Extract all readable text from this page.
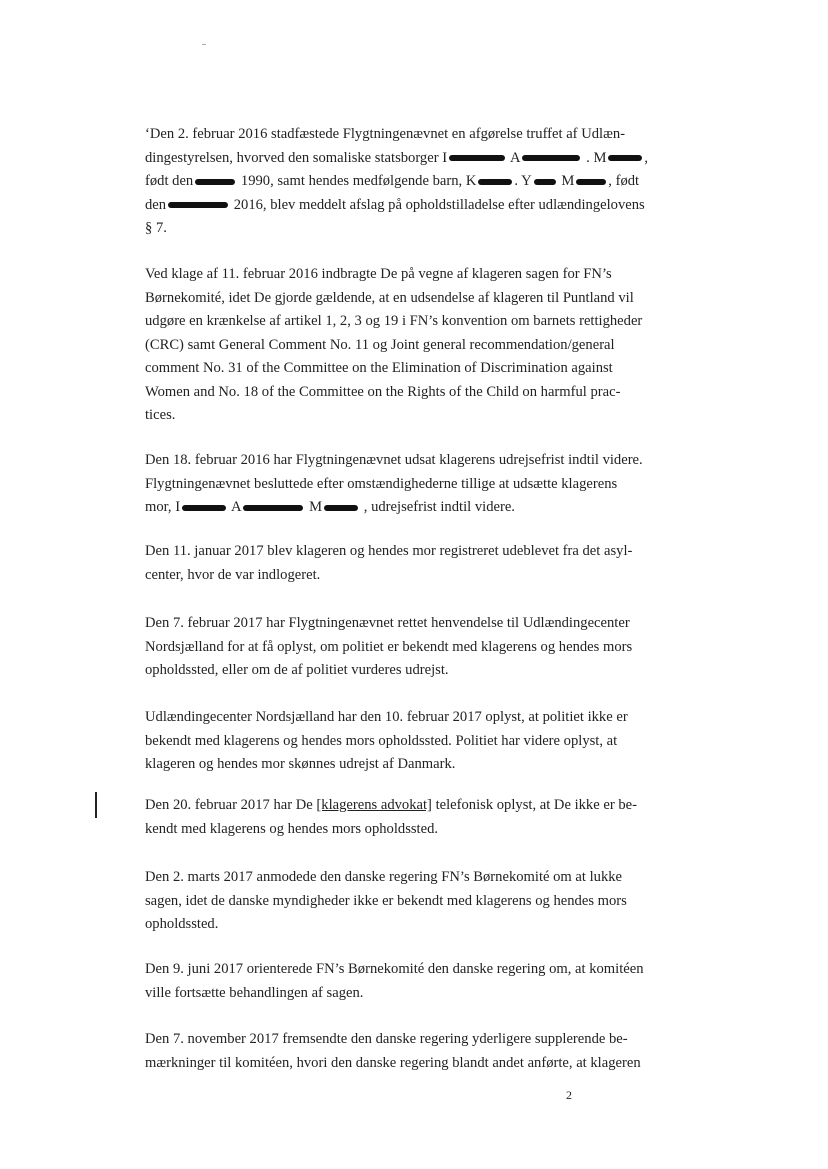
‘Den 2. februar 2016 stadfæstede Flygtningenævnet en afgørelse truffet af Udlæn-
dingestyrelsen, hvorved den somaliske statsborger I	A	. M	,
født den	1990, samt hendes medfølgende barn, K	. Y M , født
den	2016, blev meddelt afslag på opholdstilladelse efter udlændingelovens
§ 7.
Ved klage af 11. februar 2016 indbragte De på vegne af klageren sagen for FN’s
Børnekomité, idet De gjorde gældende, at en udsendelse af klageren til Puntland vil
udgøre en krænkelse af artikel 1, 2, 3 og 19 i FN’s konvention om barnets rettigheder
(CRC) samt General Comment No. 11 og Joint general recommendation/general
comment No. 31 of the Committee on the Elimination of Discrimination against
Women and No. 18 of the Committee on the Rights of the Child on harmful prac-
tices.
Den 18. februar 2016 har Flygtningenævnet udsat klagerens udrejsefrist indtil videre.
Flygtningenævnet besluttede efter omstændighederne tillige at udsætte klagerens
mor, I	A	M	, udrejsefrist indtil videre.
Den 11. januar 2017 blev klageren og hendes mor registreret udeblevet fra det asyl-
center, hvor de var indlogeret.
Den 7. februar 2017 har Flygtningenævnet rettet henvendelse til Udlændingecenter
Nordsjælland for at få oplyst, om politiet er bekendt med klagerens og hendes mors
opholdssted, eller om de af politiet vurderes udrejst.
Udlændingecenter Nordsjælland har den 10. februar 2017 oplyst, at politiet ikke er
bekendt med klagerens og hendes mors opholdssted. Politiet har videre oplyst, at
klageren og hendes mor skønnes udrejst af Danmark.
Den 20. februar 2017 har De [klagerens advokat] telefonisk oplyst, at De ikke er be-
kendt med klagerens og hendes mors opholdssted.
Den 2. marts 2017 anmodede den danske regering FN’s Børnekomité om at lukke
sagen, idet de danske myndigheder ikke er bekendt med klagerens og hendes mors
opholdssted.
Den 9. juni 2017 orienterede FN’s Børnekomité den danske regering om, at komitéen
ville fortsætte behandlingen af sagen.
Den 7. november 2017 fremsendte den danske regering yderligere supplerende be-
mærkninger til komitéen, hvori den danske regering blandt andet anførte, at klageren
2
